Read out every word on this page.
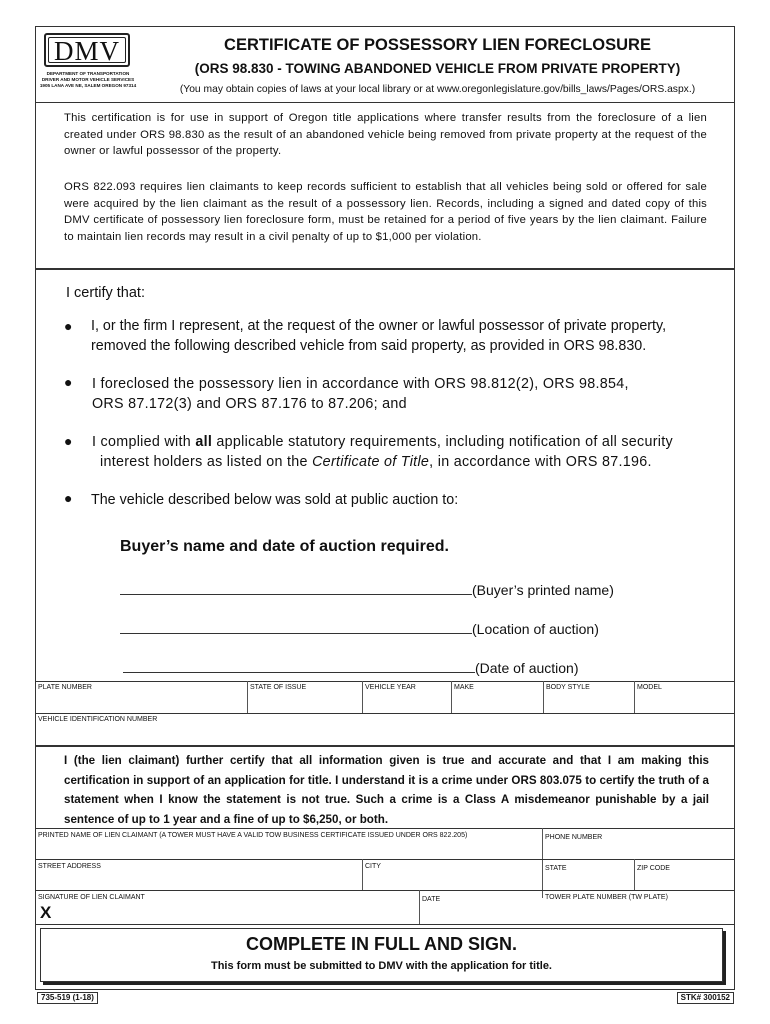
DMV
DEPARTMENT OF TRANSPORTATION
DRIVER AND MOTOR VEHICLE SERVICES
1905 LANA AVE NE, SALEM OREGON 97314
CERTIFICATE OF POSSESSORY LIEN FORECLOSURE
(ORS 98.830 - TOWING ABANDONED VEHICLE FROM PRIVATE PROPERTY)
(You may obtain copies of laws at your local library or at www.oregonlegislature.gov/bills_laws/Pages/ORS.aspx.)
This certification is for use in support of Oregon title applications where transfer results from the foreclosure of a lien created under ORS 98.830 as the result of an abandoned vehicle being removed from private property at the request of the owner or lawful possessor of the property.
ORS 822.093 requires lien claimants to keep records sufficient to establish that all vehicles being sold or offered for sale were acquired by the lien claimant as the result of a possessory lien. Records, including a signed and dated copy of this DMV certificate of possessory lien foreclosure form, must be retained for a period of five years by the lien claimant. Failure to maintain lien records may result in a civil penalty of up to $1,000 per violation.
I certify that:
● I, or the firm I represent, at the request of the owner or lawful possessor of private property,
removed the following described vehicle from said property, as provided in ORS 98.830.
● I foreclosed the possessory lien in accordance with ORS 98.812(2), ORS 98.854,
ORS 87.172(3) and ORS 87.176 to 87.206; and
● I complied with all applicable statutory requirements, including notification of all security
interest holders as listed on the Certificate of Title, in accordance with ORS 87.196.
● The vehicle described below was sold at public auction to:
Buyer’s name and date of auction required.
(Buyer’s printed name)
(Location of auction)
(Date of auction)
PLATE NUMBER	STATE OF ISSUE	VEHICLE YEAR	MAKE	BODY STYLE	MODEL
VEHICLE IDENTIFICATION NUMBER
I (the lien claimant) further certify that all information given is true and accurate and that I am making this certification in support of an application for title. I understand it is a crime under ORS 803.075 to certify the truth of a statement when I know the statement is not true. Such a crime is a Class A misdemeanor punishable by a jail sentence of up to 1 year and a fine of up to $6,250, or both.
PRINTED NAME OF LIEN CLAIMANT (A TOWER MUST HAVE A VALID TOW BUSINESS CERTIFICATE ISSUED UNDER ORS 822.205)	PHONE NUMBER
STREET ADDRESS	CITY	STATE	ZIP CODE
SIGNATURE OF LIEN CLAIMANT	DATE	TOWER PLATE NUMBER (TW PLATE)
X
COMPLETE IN FULL AND SIGN.
This form must be submitted to DMV with the application for title.
735-519 (1-18)	STK# 300152
